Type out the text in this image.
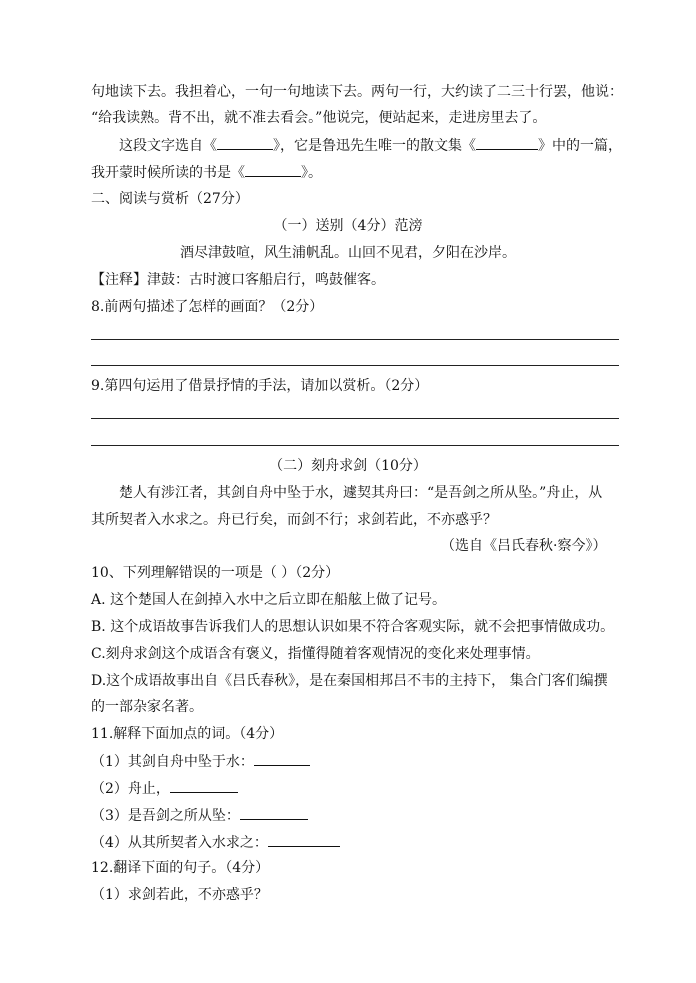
句地读下去。我担着心，一句一句地读下去。两句一行，大约读了二三十行罢，他说：
“给我读熟。背不出，就不准去看会。”他说完，便站起来，走进房里去了。
这段文字选自《	》，它是鲁迅先生唯一的散文集《	》中的一篇，
我开蒙时候所读的书是《	》。
二、阅读与赏析（27分）
（一）送别（4分）范滂
酒尽津鼓喧，风生浦帆乱。山回不见君，夕阳在沙岸。
【注释】津鼓：古时渡口客船启行，鸣鼓催客。
8.前两句描述了怎样的画面？（2分）
9.第四句运用了借景抒情的手法，请加以赏析。（2分）
（二）刻舟求剑（10分）
楚人有涉江者，其剑自舟中坠于水，遽契其舟曰：“是吾剑之所从坠。”舟止，从
其所契者入水求之。舟已行矣，而剑不行；求剑若此，不亦惑乎？
（选自《吕氏春秋·察今》）
10、下列理解错误的一项是（ ）（2分）
A. 这个楚国人在剑掉入水中之后立即在船舷上做了记号。
B. 这个成语故事告诉我们人的思想认识如果不符合客观实际，就不会把事情做成功。
C.刻舟求剑这个成语含有褒义，指懂得随着客观情况的变化来处理事情。
D.这个成语故事出自《吕氏春秋》，是在秦国相邦吕不韦的主持下， 集合门客们编撰
的一部杂家名著。
11.解释下面加点的词。（4分）
（1）其剑自舟中坠于水：
（2）舟止，
（3）是吾剑之所从坠：
（4）从其所契者入水求之：
12.翻译下面的句子。（4分）
（1）求剑若此，不亦惑乎？
